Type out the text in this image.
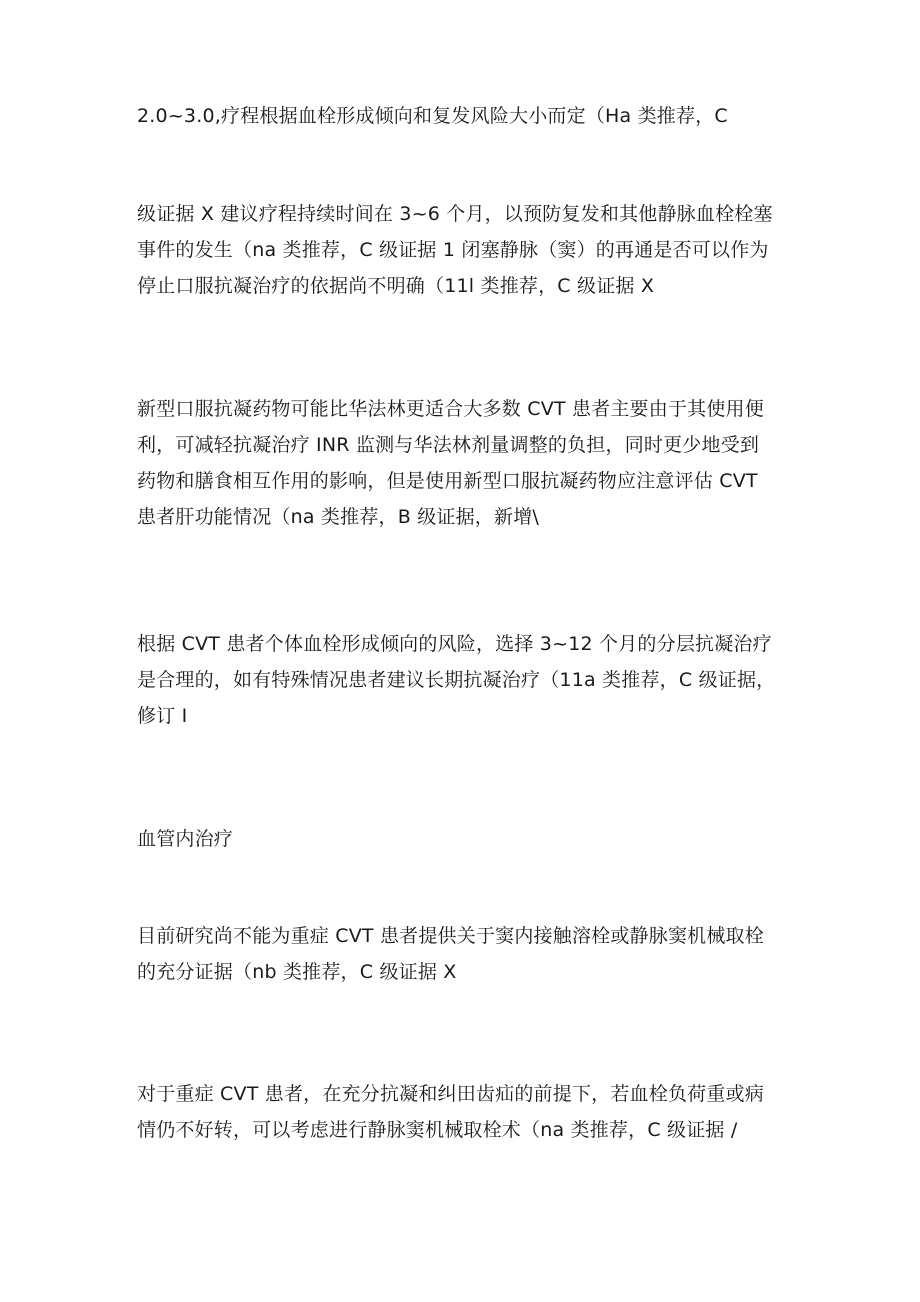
2.0~3.0,疗程根据血栓形成倾向和复发风险大小而定（Ha 类推荐，C
级证据 X 建议疗程持续时间在 3~6 个月，以预防复发和其他静脉血栓栓塞
事件的发生（na 类推荐，C 级证据 1 闭塞静脉（窦）的再通是否可以作为
停止口服抗凝治疗的依据尚不明确（11l 类推荐，C 级证据 X
新型口服抗凝药物可能比华法林更适合大多数 CVT 患者主要由于其使用便
利，可减轻抗凝治疗 INR 监测与华法林剂量调整的负担，同时更少地受到
药物和膳食相互作用的影响，但是使用新型口服抗凝药物应注意评估 CVT
患者肝功能情况（na 类推荐，B 级证据，新增\
根据 CVT 患者个体血栓形成倾向的风险，选择 3~12 个月的分层抗凝治疗
是合理的，如有特殊情况患者建议长期抗凝治疗（11a 类推荐，C 级证据，
修订 I
血管内治疗
目前研究尚不能为重症 CVT 患者提供关于窦内接触溶栓或静脉窦机械取栓
的充分证据（nb 类推荐，C 级证据 X
对于重症 CVT 患者，在充分抗凝和纠田齿疝的前提下，若血栓负荷重或病
情仍不好转，可以考虑进行静脉窦机械取栓术（na 类推荐，C 级证据 /
